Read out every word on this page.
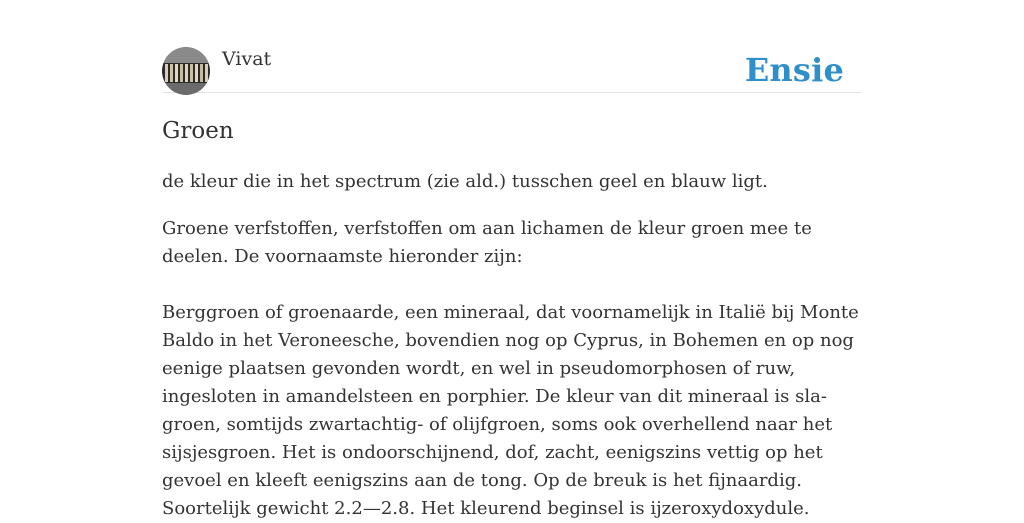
Vivat	Ensie
Groen

de kleur die in het spectrum (zie ald.) tusschen geel en blauw ligt.

Groene verfstoffen, verfstoffen om aan lichamen de kleur groen mee te deelen. De voornaamste hieronder zijn:

Berggroen of groenaarde, een mineraal, dat voornamelijk in Italië bij Monte Baldo in het Veroneesche, bovendien nog op Cyprus, in Bohemen en op nog eenige plaatsen gevonden wordt, en wel in pseudomorphosen of ruw, ingesloten in amandelsteen en porphier. De kleur van dit mineraal is sla-groen, somtijds zwartachtig- of olijfgroen, soms ook overhellend naar het sijsjesgroen. Het is ondoorschijnend, dof, zacht, eenigszins vettig op het gevoel en kleeft eenigszins aan de tong. Op de breuk is het fijnaardig. Soortelijk gewicht 2.2—2.8. Het kleurend beginsel is ijzeroxydoxydule.
